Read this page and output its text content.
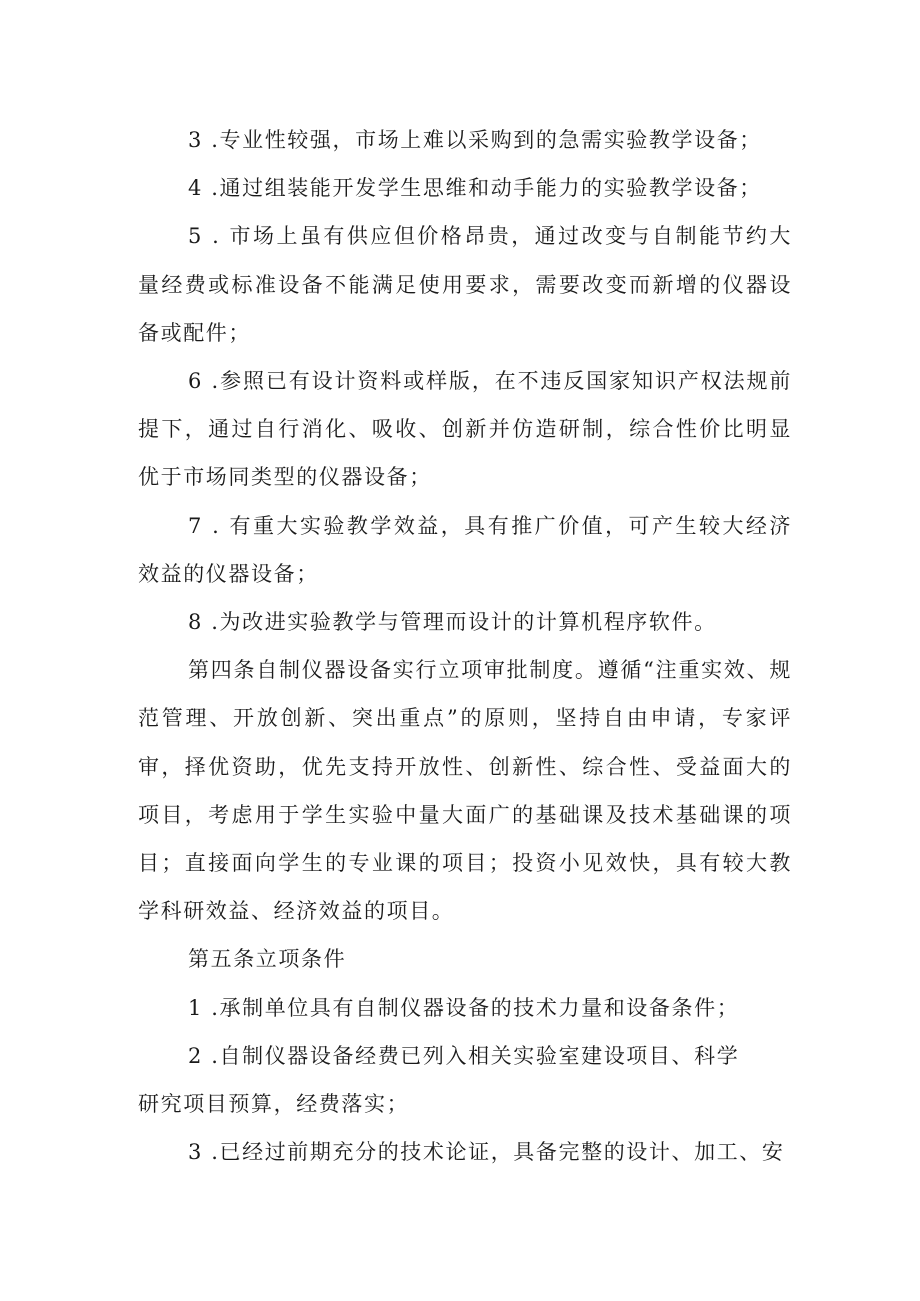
3 .专业性较强，市场上难以采购到的急需实验教学设备；

4 .通过组装能开发学生思维和动手能力的实验教学设备；

5 . 市场上虽有供应但价格昂贵，通过改变与自制能节约大量经费或标准设备不能满足使用要求，需要改变而新增的仪器设备或配件；

6 .参照已有设计资料或样版，在不违反国家知识产权法规前提下，通过自行消化、吸收、创新并仿造研制，综合性价比明显优于市场同类型的仪器设备；

7 . 有重大实验教学效益，具有推广价值，可产生较大经济效益的仪器设备；

8 .为改进实验教学与管理而设计的计算机程序软件。

第四条自制仪器设备实行立项审批制度。遵循“注重实效、规范管理、开放创新、突出重点”的原则，坚持自由申请，专家评审，择优资助，优先支持开放性、创新性、综合性、受益面大的项目，考虑用于学生实验中量大面广的基础课及技术基础课的项目；直接面向学生的专业课的项目；投资小见效快，具有较大教学科研效益、经济效益的项目。

第五条立项条件

1 .承制单位具有自制仪器设备的技术力量和设备条件；

2 .自制仪器设备经费已列入相关实验室建设项目、科学

研究项目预算，经费落实；

3 .已经过前期充分的技术论证，具备完整的设计、加工、安
